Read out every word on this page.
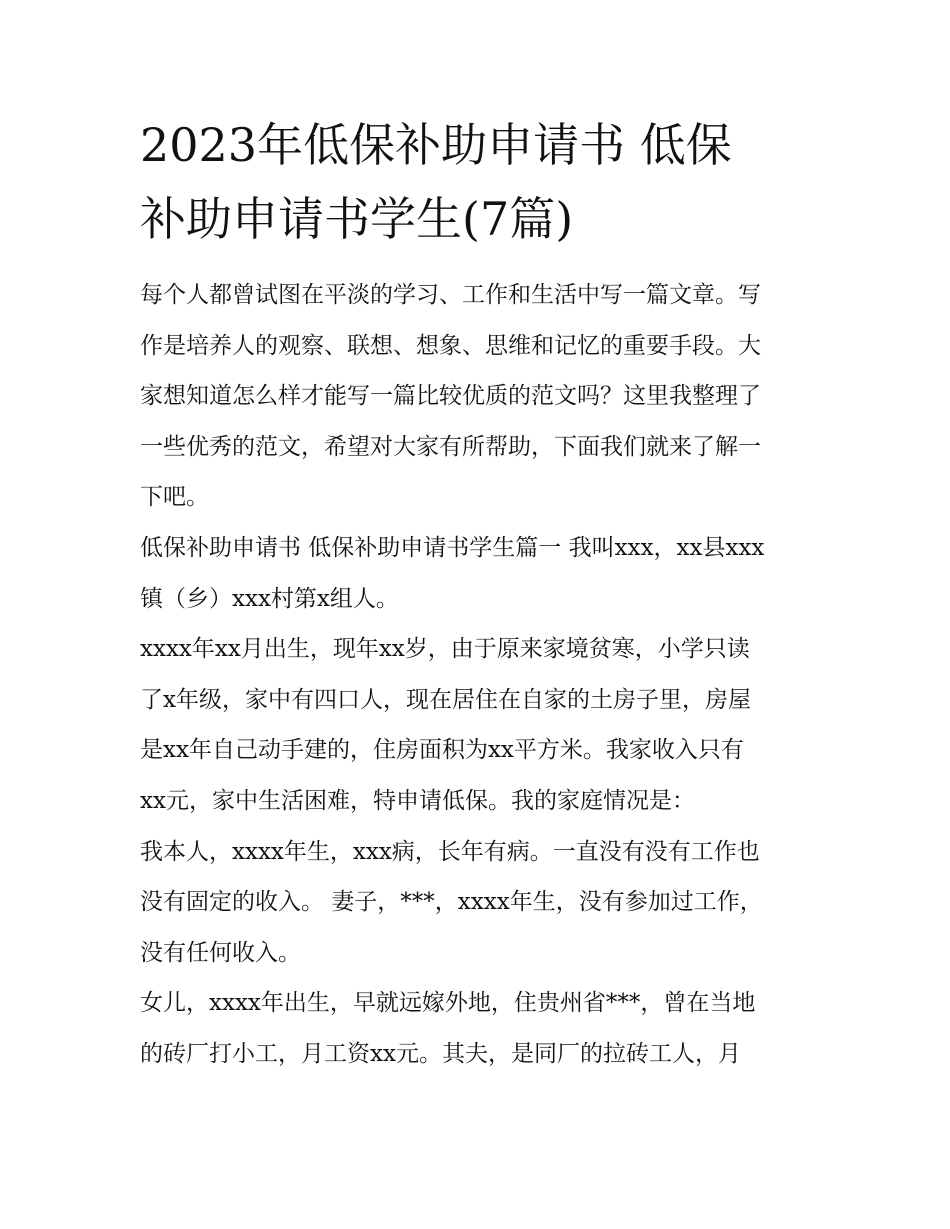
2023年低保补助申请书 低保
补助申请书学生(7篇)

每个人都曾试图在平淡的学习、工作和生活中写一篇文章。写
作是培养人的观察、联想、想象、思维和记忆的重要手段。大
家想知道怎么样才能写一篇比较优质的范文吗？这里我整理了
一些优秀的范文，希望对大家有所帮助，下面我们就来了解一
下吧。

低保补助申请书 低保补助申请书学生篇一 我叫xxx，xx县xxx
镇（乡）xxx村第x组人。

xxxx年xx月出生，现年xx岁，由于原来家境贫寒，小学只读
了x年级，家中有四口人，现在居住在自家的土房子里，房屋
是xx年自己动手建的，住房面积为xx平方米。我家收入只有
xx元，家中生活困难，特申请低保。我的家庭情况是：

我本人，xxxx年生，xxx病，长年有病。一直没有没有工作也
没有固定的收入。 妻子，***，xxxx年生，没有参加过工作，
没有任何收入。

女儿，xxxx年出生，早就远嫁外地，住贵州省***，曾在当地
的砖厂打小工，月工资xx元。其夫，是同厂的拉砖工人，月
